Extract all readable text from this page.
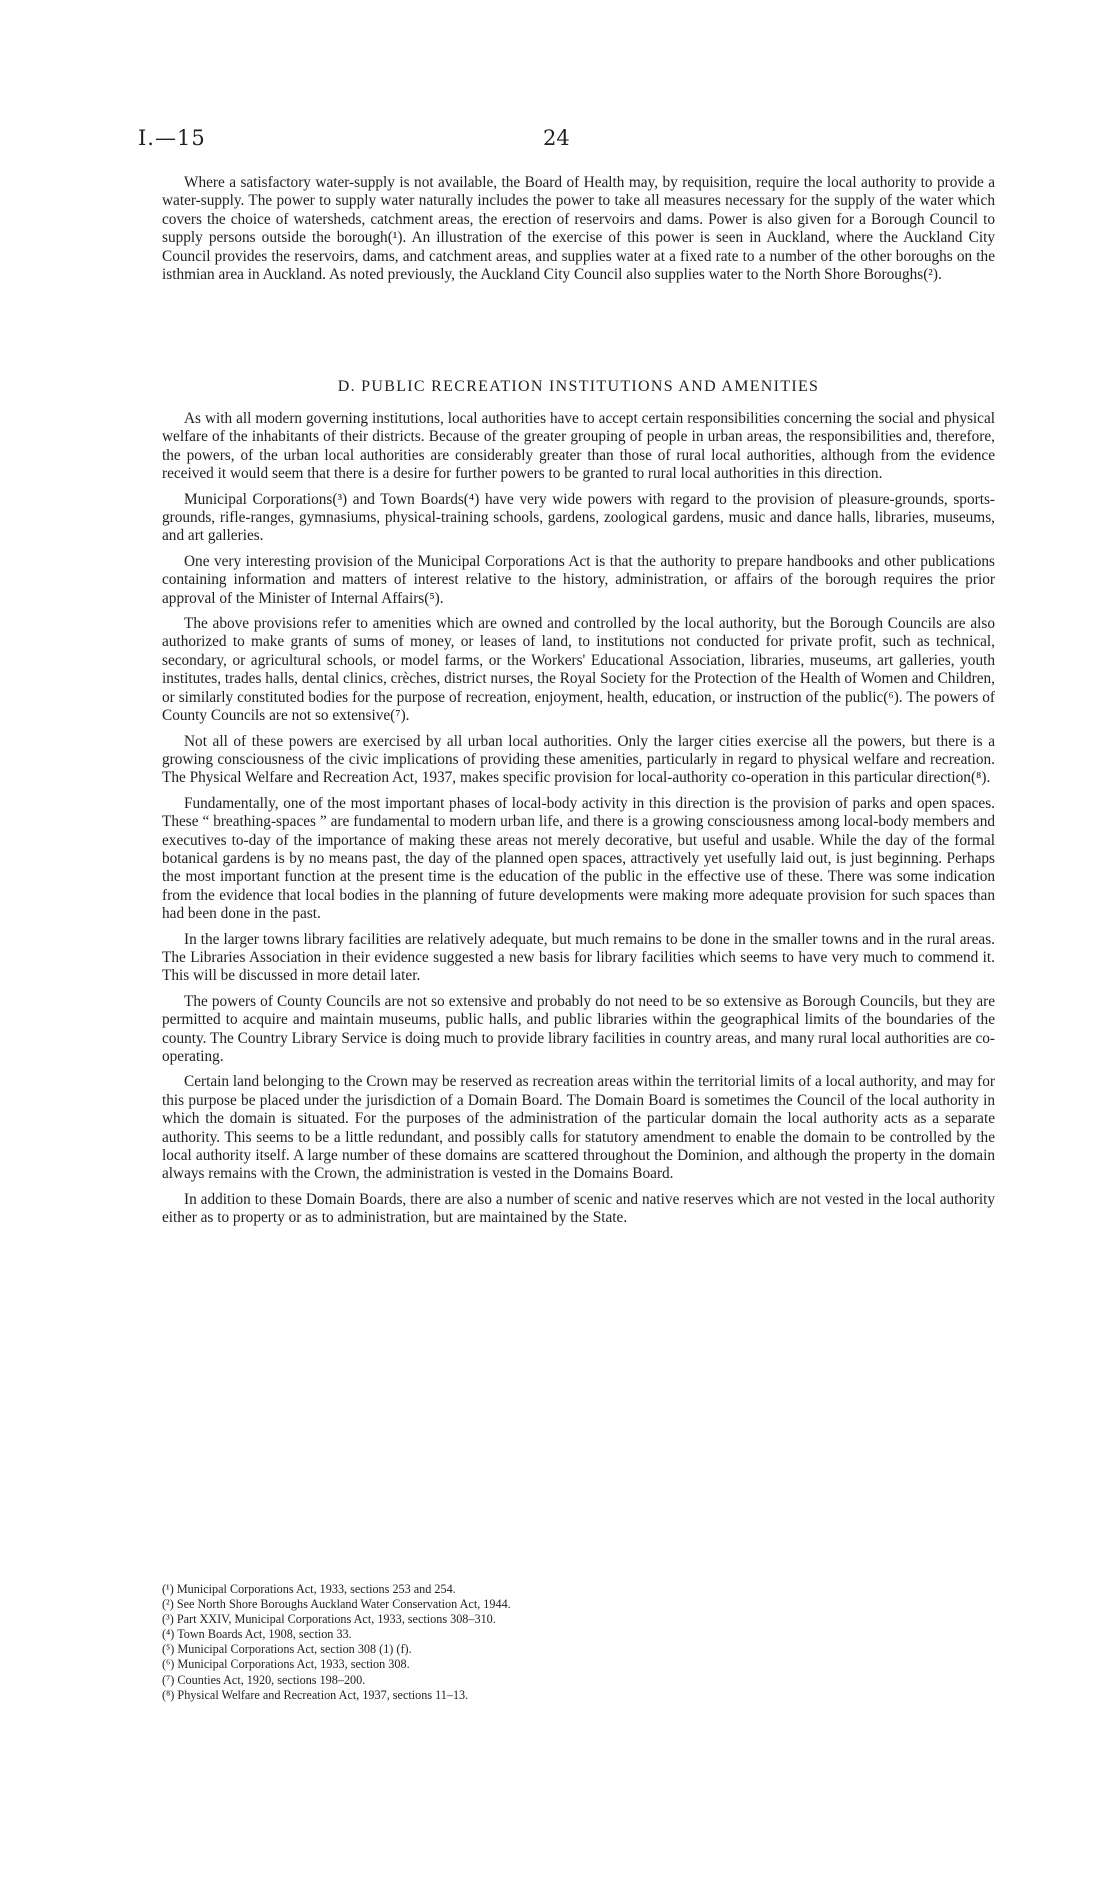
I.—15	24

Where a satisfactory water-supply is not available, the Board of Health may, by requisition, require the local authority to provide a water-supply. The power to supply water naturally includes the power to take all measures necessary for the supply of the water which covers the choice of watersheds, catchment areas, the erection of reservoirs and dams. Power is also given for a Borough Council to supply persons outside the borough(¹). An illustration of the exercise of this power is seen in Auckland, where the Auckland City Council provides the reservoirs, dams, and catchment areas, and supplies water at a fixed rate to a number of the other boroughs on the isthmian area in Auckland. As noted previously, the Auckland City Council also supplies water to the North Shore Boroughs(²).

D. PUBLIC RECREATION INSTITUTIONS AND AMENITIES

As with all modern governing institutions, local authorities have to accept certain responsibilities concerning the social and physical welfare of the inhabitants of their districts. Because of the greater grouping of people in urban areas, the responsibilities and, therefore, the powers, of the urban local authorities are considerably greater than those of rural local authorities, although from the evidence received it would seem that there is a desire for further powers to be granted to rural local authorities in this direction.

Municipal Corporations(³) and Town Boards(⁴) have very wide powers with regard to the provision of pleasure-grounds, sports-grounds, rifle-ranges, gymnasiums, physical-training schools, gardens, zoological gardens, music and dance halls, libraries, museums, and art galleries.

One very interesting provision of the Municipal Corporations Act is that the authority to prepare handbooks and other publications containing information and matters of interest relative to the history, administration, or affairs of the borough requires the prior approval of the Minister of Internal Affairs(⁵).

The above provisions refer to amenities which are owned and controlled by the local authority, but the Borough Councils are also authorized to make grants of sums of money, or leases of land, to institutions not conducted for private profit, such as technical, secondary, or agricultural schools, or model farms, or the Workers' Educational Association, libraries, museums, art galleries, youth institutes, trades halls, dental clinics, crèches, district nurses, the Royal Society for the Protection of the Health of Women and Children, or similarly constituted bodies for the purpose of recreation, enjoyment, health, education, or instruction of the public(⁶). The powers of County Councils are not so extensive(⁷).

Not all of these powers are exercised by all urban local authorities. Only the larger cities exercise all the powers, but there is a growing consciousness of the civic implications of providing these amenities, particularly in regard to physical welfare and recreation. The Physical Welfare and Recreation Act, 1937, makes specific provision for local-authority co-operation in this particular direction(⁸).

Fundamentally, one of the most important phases of local-body activity in this direction is the provision of parks and open spaces. These “ breathing-spaces ” are fundamental to modern urban life, and there is a growing consciousness among local-body members and executives to-day of the importance of making these areas not merely decorative, but useful and usable. While the day of the formal botanical gardens is by no means past, the day of the planned open spaces, attractively yet usefully laid out, is just beginning. Perhaps the most important function at the present time is the education of the public in the effective use of these. There was some indication from the evidence that local bodies in the planning of future developments were making more adequate provision for such spaces than had been done in the past.

In the larger towns library facilities are relatively adequate, but much remains to be done in the smaller towns and in the rural areas. The Libraries Association in their evidence suggested a new basis for library facilities which seems to have very much to commend it. This will be discussed in more detail later.

The powers of County Councils are not so extensive and probably do not need to be so extensive as Borough Councils, but they are permitted to acquire and maintain museums, public halls, and public libraries within the geographical limits of the boundaries of the county. The Country Library Service is doing much to provide library facilities in country areas, and many rural local authorities are co-operating.

Certain land belonging to the Crown may be reserved as recreation areas within the territorial limits of a local authority, and may for this purpose be placed under the jurisdiction of a Domain Board. The Domain Board is sometimes the Council of the local authority in which the domain is situated. For the purposes of the administration of the particular domain the local authority acts as a separate authority. This seems to be a little redundant, and possibly calls for statutory amendment to enable the domain to be controlled by the local authority itself. A large number of these domains are scattered throughout the Dominion, and although the property in the domain always remains with the Crown, the administration is vested in the Domains Board.

In addition to these Domain Boards, there are also a number of scenic and native reserves which are not vested in the local authority either as to property or as to administration, but are maintained by the State.

(¹) Municipal Corporations Act, 1933, sections 253 and 254.
(²) See North Shore Boroughs Auckland Water Conservation Act, 1944.
(³) Part XXIV, Municipal Corporations Act, 1933, sections 308–310.
(⁴) Town Boards Act, 1908, section 33.
(⁵) Municipal Corporations Act, section 308 (1) (f).
(⁶) Municipal Corporations Act, 1933, section 308.
(⁷) Counties Act, 1920, sections 198–200.
(⁸) Physical Welfare and Recreation Act, 1937, sections 11–13.
